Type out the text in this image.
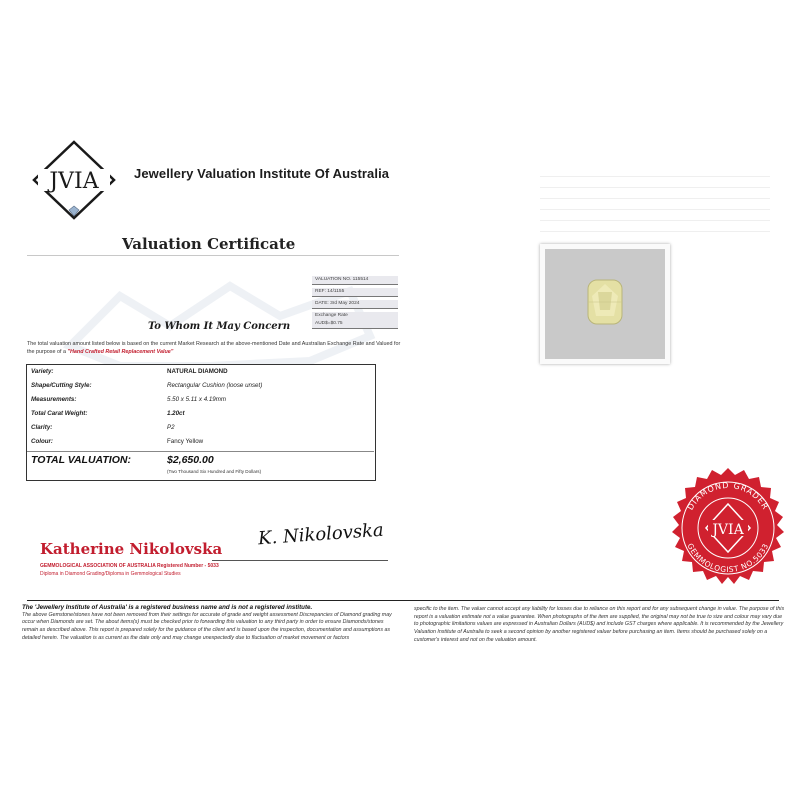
JVIA	Jewellery Valuation Institute Of Australia
Valuation Certificate
VALUATION NO. 115514
REF: 14/1155
DATE: 3rd May 2024
Exchange Rate
AUD$=$0.75
To Whom It May Concern
The total valuation amount listed below is based on the current Market Research at the above-mentioned Date and Australian Exchange Rate and Valued for the purpose of a "Hand Crafted Retail Replacement Value"
Variety:	NATURAL DIAMOND
Shape/Cutting Style:	Rectangular Cushion (loose unset)
Measurements:	5.50 x 5.11 x 4.19mm
Total Carat Weight:	1.20ct
Clarity:	P2
Colour:	Fancy Yellow
TOTAL VALUATION:	$2,650.00
(Two Thousand Six Hundred and Fifty Dollars)
Katherine Nikolovska K. Nikolovska
GEMMOLOGICAL ASSOCIATION OF AUSTRALIA Registered Number - 5033
Diploma in Diamond Grading/Diploma in Gemmological Studies
The 'Jewellery Institute of Australia' is a registered business name and is not a registered institute.
The above Gemstone/stones have not been removed from their settings for accurate of grade and weight assessment Discrepancies of Diamond grading may occur when Diamonds are set. The about items(s) must be checked prior to forwarding this valuation to any third party in order to ensure Diamonds/stones remain as described above. This report is prepared solely for the guidance of the client and is based upon the inspection, documentation and assumptions as detailed herein. The valuation is as current as the date only and may change unexpectedly due to fluctuation of market movement or factors
specific to the item. The valuer cannot accept any liability for losses due to reliance on this report and for any subsequent change in value. The purpose of this report is a valuation estimate not a value guarantee. When photographs of the item are supplied, the original may not be true to size and colour may vary due to photographic limitations values are expressed in Australian Dollars (AUD$) and include GST charges where applicable. It is recommended by the Jewellery Valuation Institute of Australia to seek a second opinion by another registered valuer before purchasing an item. Items should be purchased solely on a customer's interest and not on the valuation amount.
DIAMOND GRADER
GEMMOLOGIST NO.5033
JVIA
